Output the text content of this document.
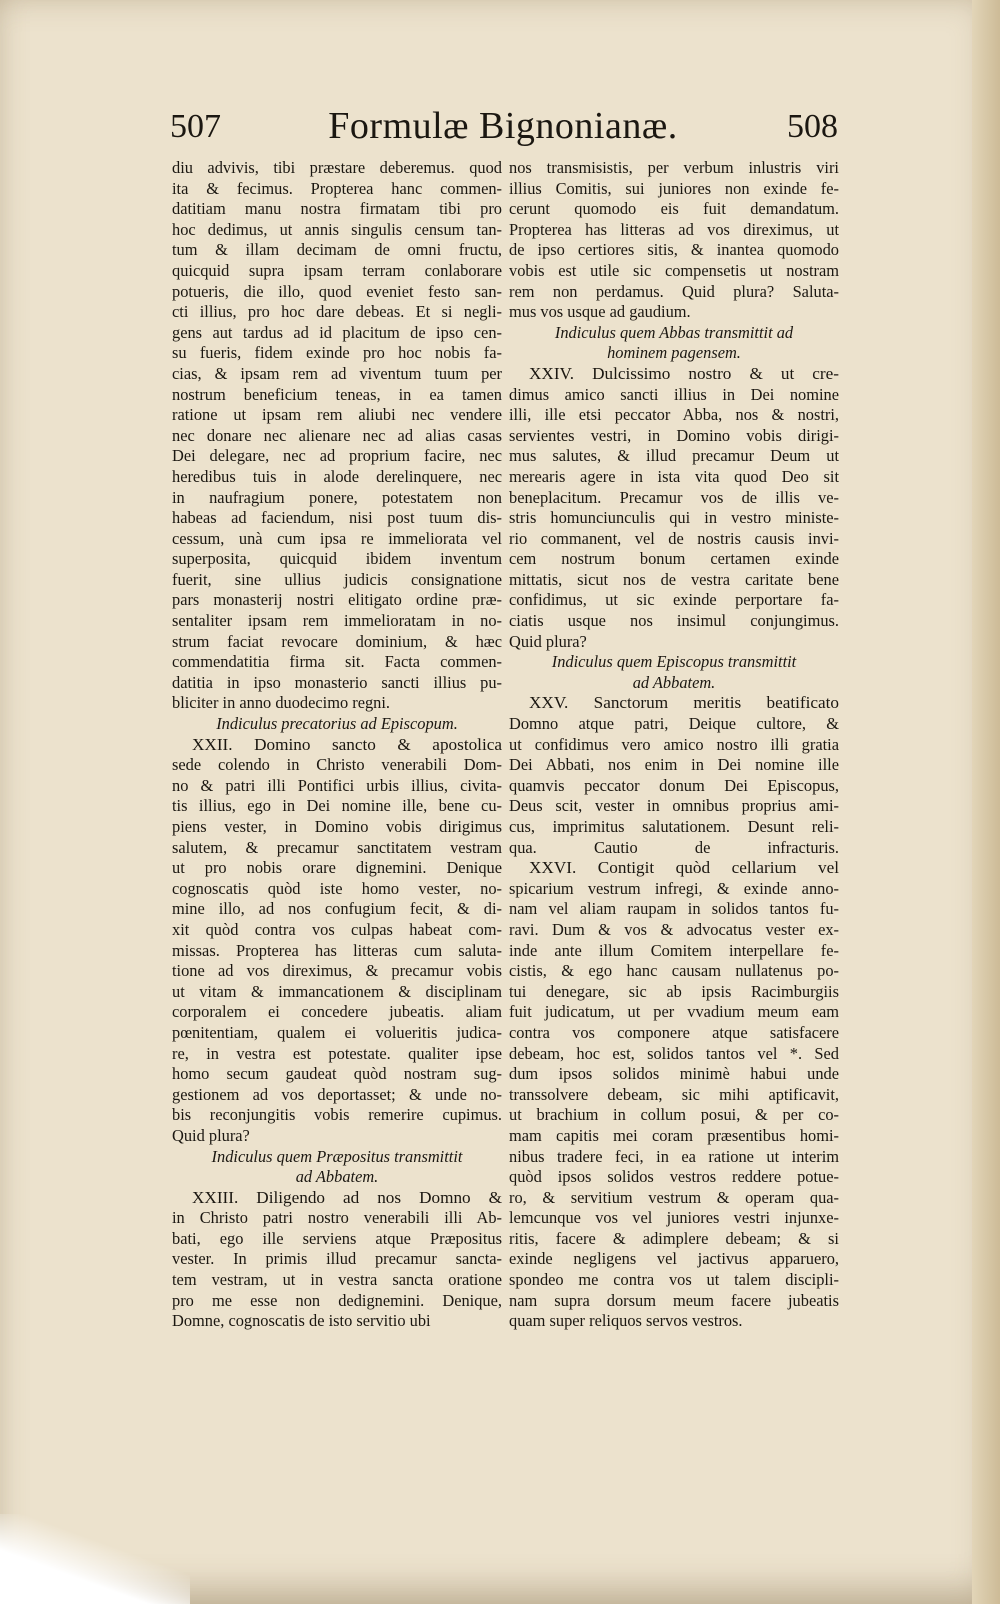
507	Formulæ Bignonianæ.	508
diu advivis, tibi præstare deberemus. quod
ita & fecimus. Propterea hanc commen-
datitiam manu nostra firmatam tibi pro
hoc dedimus, ut annis singulis censum tan-
tum & illam decimam de omni fructu,
quicquid supra ipsam terram conlaborare
potueris, die illo, quod eveniet festo san-
cti illius, pro hoc dare debeas. Et si negli-
gens aut tardus ad id placitum de ipso cen-
su fueris, fidem exinde pro hoc nobis fa-
cias, & ipsam rem ad viventum tuum per
nostrum beneficium teneas, in ea tamen
ratione ut ipsam rem aliubi nec vendere
nec donare nec alienare nec ad alias casas
Dei delegare, nec ad proprium facire, nec
heredibus tuis in alode derelinquere, nec
in naufragium ponere, potestatem non
habeas ad faciendum, nisi post tuum dis-
cessum, unà cum ipsa re immeliorata vel
superposita, quicquid ibidem inventum
fuerit, sine ullius judicis consignatione
pars monasterij nostri elitigato ordine præ-
sentaliter ipsam rem immelioratam in no-
strum faciat revocare dominium, & hæc
commendatitia firma sit. Facta commen-
datitia in ipso monasterio sancti illius pu-
bliciter in anno duodecimo regni.
Indiculus precatorius ad Episcopum.
XXII. Domino sancto & apostolica
sede colendo in Christo venerabili Dom-
no & patri illi Pontifici urbis illius, civita-
tis illius, ego in Dei nomine ille, bene cu-
piens vester, in Domino vobis dirigimus
salutem, & precamur sanctitatem vestram
ut pro nobis orare dignemini. Denique
cognoscatis quòd iste homo vester, no-
mine illo, ad nos confugium fecit, & di-
xit quòd contra vos culpas habeat com-
missas. Propterea has litteras cum saluta-
tione ad vos direximus, & precamur vobis
ut vitam & immancationem & disciplinam
corporalem ei concedere jubeatis. aliam
pœnitentiam, qualem ei volueritis judica-
re, in vestra est potestate. qualiter ipse
homo secum gaudeat quòd nostram sug-
gestionem ad vos deportasset; & unde no-
bis reconjungitis vobis remerire cupimus.
Quid plura?
Indiculus quem Præpositus transmittit
ad Abbatem.
XXIII. Diligendo ad nos Domno &
in Christo patri nostro venerabili illi Ab-
bati, ego ille serviens atque Præpositus
vester. In primis illud precamur sancta-
tem vestram, ut in vestra sancta oratione
pro me esse non dedignemini. Denique,
Domne, cognoscatis de isto servitio ubi
nos transmisistis, per verbum inlustris viri
illius Comitis, sui juniores non exinde fe-
cerunt quomodo eis fuit demandatum.
Propterea has litteras ad vos direximus, ut
de ipso certiores sitis, & inantea quomodo
vobis est utile sic compensetis ut nostram
rem non perdamus. Quid plura? Saluta-
mus vos usque ad gaudium.
Indiculus quem Abbas transmittit ad
hominem pagensem.
XXIV. Dulcissimo nostro & ut cre-
dimus amico sancti illius in Dei nomine
illi, ille etsi peccator Abba, nos & nostri,
servientes vestri, in Domino vobis dirigi-
mus salutes, & illud precamur Deum ut
merearis agere in ista vita quod Deo sit
beneplacitum. Precamur vos de illis ve-
stris homunciunculis qui in vestro ministe-
rio commanent, vel de nostris causis invi-
cem nostrum bonum certamen exinde
mittatis, sicut nos de vestra caritate bene
confidimus, ut sic exinde perportare fa-
ciatis usque nos insimul conjungimus.
Quid plura?
Indiculus quem Episcopus transmittit
ad Abbatem.
XXV. Sanctorum meritis beatificato
Domno atque patri, Deique cultore, &
ut confidimus vero amico nostro illi gratia
Dei Abbati, nos enim in Dei nomine ille
quamvis peccator donum Dei Episcopus,
Deus scit, vester in omnibus proprius ami-
cus, imprimitus salutationem. Desunt reli-
qua. Cautio de infracturis.
XXVI. Contigit quòd cellarium vel
spicarium vestrum infregi, & exinde anno-
nam vel aliam raupam in solidos tantos fu-
ravi. Dum & vos & advocatus vester ex-
inde ante illum Comitem interpellare fe-
cistis, & ego hanc causam nullatenus po-
tui denegare, sic ab ipsis Racimburgiis
fuit judicatum, ut per vvadium meum eam
contra vos componere atque satisfacere
debeam, hoc est, solidos tantos vel *. Sed
dum ipsos solidos minimè habui unde
transsolvere debeam, sic mihi aptificavit,
ut brachium in collum posui, & per co-
mam capitis mei coram præsentibus homi-
nibus tradere feci, in ea ratione ut interim
quòd ipsos solidos vestros reddere potue-
ro, & servitium vestrum & operam qua-
lemcunque vos vel juniores vestri injunxe-
ritis, facere & adimplere debeam; & si
exinde negligens vel jactivus apparuero,
spondeo me contra vos ut talem discipli-
nam supra dorsum meum facere jubeatis
quam super reliquos servos vestros.
